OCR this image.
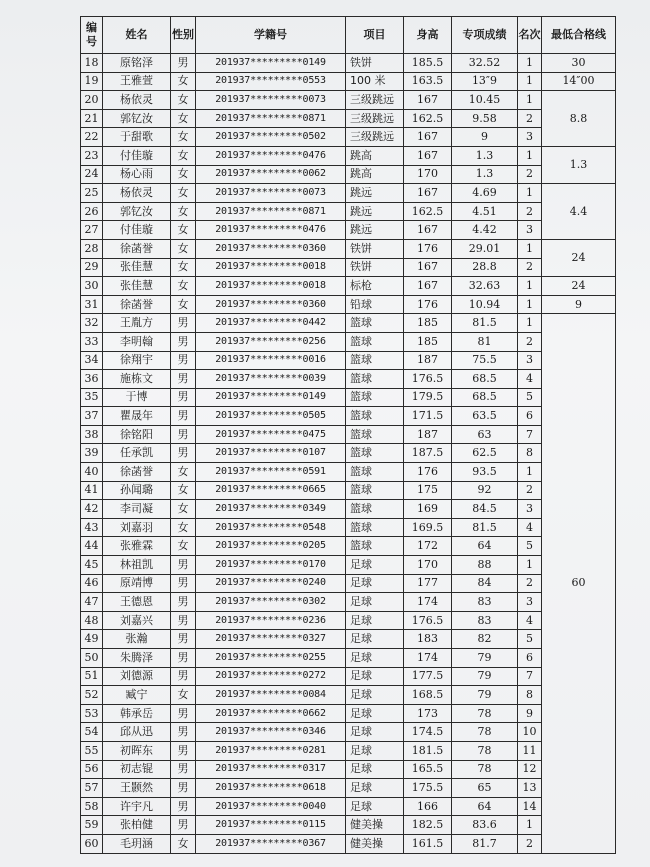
编号	姓名	性别	学籍号	项目	身高	专项成绩	名次	最低合格线
18	原铭泽	男	201937*********0149	铁饼	185.5	32.52	1	30
19	王雅萱	女	201937*********0553	100 米	163.5	13″9	1	14″00
20	杨依灵	女	201937*********0073	三级跳远	167	10.45	1	8.8
21	郭钇汝	女	201937*********0871	三级跳远	162.5	9.58	2	
22	于甜歌	女	201937*********0502	三级跳远	167	9	3	
23	付佳璇	女	201937*********0476	跳高	167	1.3	1	1.3
24	杨心雨	女	201937*********0062	跳高	170	1.3	2	
25	杨依灵	女	201937*********0073	跳远	167	4.69	1	4.4
26	郭钇汝	女	201937*********0871	跳远	162.5	4.51	2	
27	付佳璇	女	201937*********0476	跳远	167	4.42	3	
28	徐菡誉	女	201937*********0360	铁饼	176	29.01	1	24
29	张佳慧	女	201937*********0018	铁饼	167	28.8	2	
30	张佳慧	女	201937*********0018	标枪	167	32.63	1	24
31	徐菡誉	女	201937*********0360	铅球	176	10.94	1	9
32	王胤方	男	201937*********0442	篮球	185	81.5	1	60
33	李明翰	男	201937*********0256	篮球	185	81	2	
34	徐翔宇	男	201937*********0016	篮球	187	75.5	3	
36	施栋文	男	201937*********0039	篮球	176.5	68.5	4	
35	于博	男	201937*********0149	篮球	179.5	68.5	5	
37	瞿晟年	男	201937*********0505	篮球	171.5	63.5	6	
38	徐铭阳	男	201937*********0475	篮球	187	63	7	
39	任承凯	男	201937*********0107	篮球	187.5	62.5	8	
40	徐菡誉	女	201937*********0591	篮球	176	93.5	1	
41	孙闻璐	女	201937*********0665	篮球	175	92	2	
42	李司凝	女	201937*********0349	篮球	169	84.5	3	
43	刘嘉羽	女	201937*********0548	篮球	169.5	81.5	4	
44	张雅霖	女	201937*********0205	篮球	172	64	5	
45	林祖凯	男	201937*********0170	足球	170	88	1	
46	原靖博	男	201937*********0240	足球	177	84	2	
47	王德恩	男	201937*********0302	足球	174	83	3	
48	刘嘉兴	男	201937*********0236	足球	176.5	83	4	
49	张瀚	男	201937*********0327	足球	183	82	5	
50	朱腾泽	男	201937*********0255	足球	174	79	6	
51	刘德源	男	201937*********0272	足球	177.5	79	7	
52	臧宁	女	201937*********0084	足球	168.5	79	8	
53	韩承岳	男	201937*********0662	足球	173	78	9	
54	邱从迅	男	201937*********0346	足球	174.5	78	10	
55	初晖东	男	201937*********0281	足球	181.5	78	11	
56	初志锟	男	201937*********0317	足球	165.5	78	12	
57	王颢然	男	201937*********0618	足球	175.5	65	13	
58	许宇凡	男	201937*********0040	足球	166	64	14	
59	张柏健	男	201937*********0115	健美操	182.5	83.6	1	
60	毛玥涵	女	201937*********0367	健美操	161.5	81.7	2	
